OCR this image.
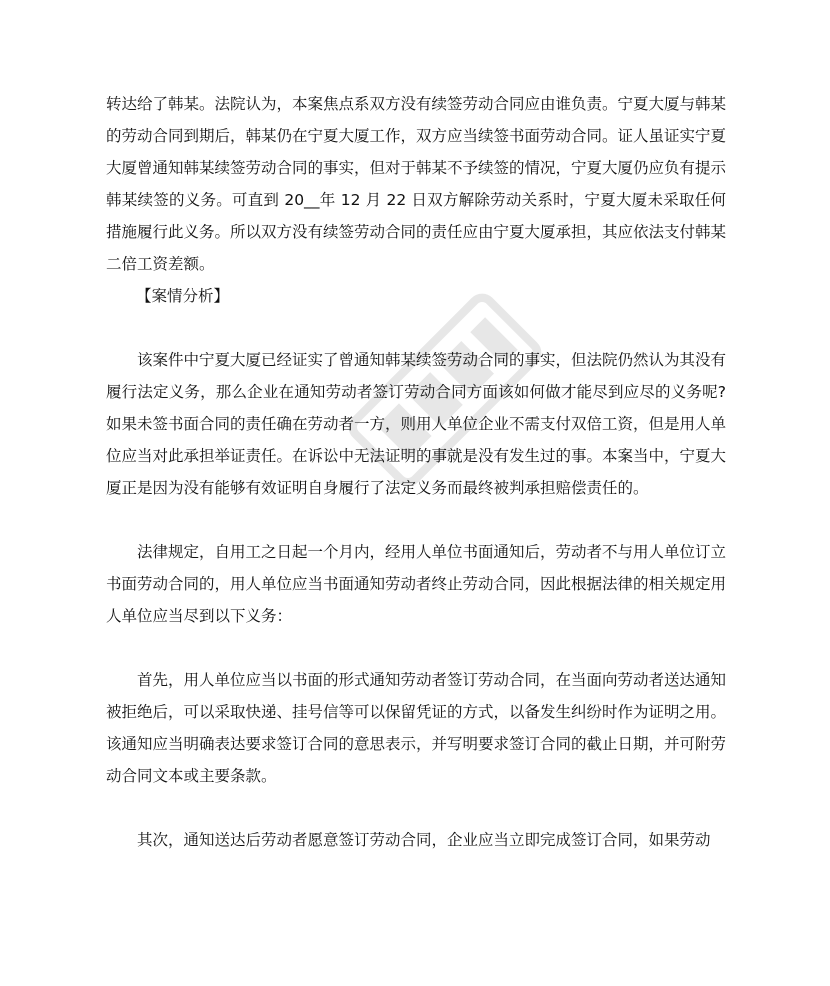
转达给了韩某。法院认为，本案焦点系双方没有续签劳动合同应由谁负责。宁夏大厦与韩某的劳动合同到期后，韩某仍在宁夏大厦工作，双方应当续签书面劳动合同。证人虽证实宁夏大厦曾通知韩某续签劳动合同的事实，但对于韩某不予续签的情况，宁夏大厦仍应负有提示韩某续签的义务。可直到 20__年 12 月 22 日双方解除劳动关系时，宁夏大厦未采取任何措施履行此义务。所以双方没有续签劳动合同的责任应由宁夏大厦承担，其应依法支付韩某二倍工资差额。

【案情分析】

该案件中宁夏大厦已经证实了曾通知韩某续签劳动合同的事实，但法院仍然认为其没有履行法定义务，那么企业在通知劳动者签订劳动合同方面该如何做才能尽到应尽的义务呢?如果未签书面合同的责任确在劳动者一方，则用人单位企业不需支付双倍工资，但是用人单位应当对此承担举证责任。在诉讼中无法证明的事就是没有发生过的事。本案当中，宁夏大厦正是因为没有能够有效证明自身履行了法定义务而最终被判承担赔偿责任的。

法律规定，自用工之日起一个月内，经用人单位书面通知后，劳动者不与用人单位订立书面劳动合同的，用人单位应当书面通知劳动者终止劳动合同，因此根据法律的相关规定用人单位应当尽到以下义务：

首先，用人单位应当以书面的形式通知劳动者签订劳动合同，在当面向劳动者送达通知被拒绝后，可以采取快递、挂号信等可以保留凭证的方式，以备发生纠纷时作为证明之用。该通知应当明确表达要求签订合同的意思表示，并写明要求签订合同的截止日期，并可附劳动合同文本或主要条款。

其次，通知送达后劳动者愿意签订劳动合同，企业应当立即完成签订合同，如果劳动
